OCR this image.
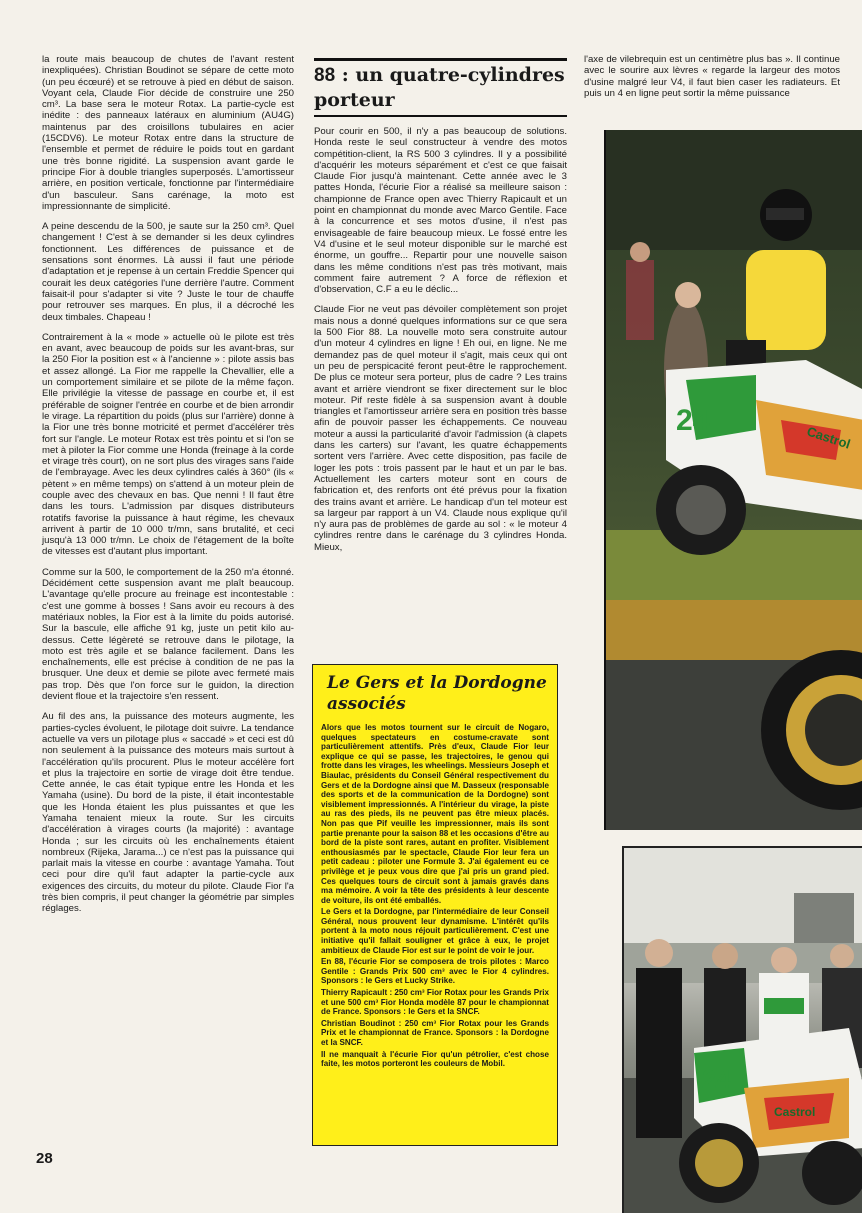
la route mais beaucoup de chutes de l'avant restent inexpliquées). Christian Boudinot se sépare de cette moto (un peu écœuré) et se retrouve à pied en début de saison. Voyant cela, Claude Fior décide de construire une 250 cm³. La base sera le moteur Rotax. La partie-cycle est inédite : des panneaux latéraux en aluminium (AU4G) maintenus par des croisillons tubulaires en acier (15CDV6). Le moteur Rotax entre dans la structure de l'ensemble et permet de réduire le poids tout en gardant une très bonne rigidité. La suspension avant garde le principe Fior à double triangles superposés. L'amortisseur arrière, en position verticale, fonctionne par l'intermédiaire d'un basculeur. Sans carénage, la moto est impressionnante de simplicité.

A peine descendu de la 500, je saute sur la 250 cm³. Quel changement ! C'est à se demander si les deux cylindres fonctionnent. Les différences de puissance et de sensations sont énormes. Là aussi il faut une période d'adaptation et je repense à un certain Freddie Spencer qui courait les deux catégories l'une derrière l'autre. Comment faisait-il pour s'adapter si vite ? Juste le tour de chauffe pour retrouver ses marques. En plus, il a décroché les deux timbales. Chapeau !

Contrairement à la « mode » actuelle où le pilote est très en avant, avec beaucoup de poids sur les avant-bras, sur la 250 Fior la position est « à l'ancienne » : pilote assis bas et assez allongé. La Fior me rappelle la Chevallier, elle a un comportement similaire et se pilote de la même façon. Elle privilégie la vitesse de passage en courbe et, il est préférable de soigner l'entrée en courbe et de bien arrondir le virage. La répartition du poids (plus sur l'arrière) donne à la Fior une très bonne motricité et permet d'accélérer très fort sur l'angle. Le moteur Rotax est très pointu et si l'on se met à piloter la Fior comme une Honda (freinage à la corde et virage très court), on ne sort plus des virages sans l'aide de l'embrayage. Avec les deux cylindres calés à 360° (ils « pètent » en même temps) on s'attend à un moteur plein de couple avec des chevaux en bas. Que nenni ! Il faut être dans les tours. L'admission par disques distributeurs rotatifs favorise la puissance à haut régime, les chevaux arrivent à partir de 10 000 tr/mn, sans brutalité, et ceci jusqu'à 13 000 tr/mn. Le choix de l'étagement de la boîte de vitesses est d'autant plus important.

Comme sur la 500, le comportement de la 250 m'a étonné. Décidément cette suspension avant me plaît beaucoup. L'avantage qu'elle procure au freinage est incontestable : c'est une gomme à bosses ! Sans avoir eu recours à des matériaux nobles, la Fior est à la limite du poids autorisé. Sur la bascule, elle affiche 91 kg, juste un petit kilo au-dessus. Cette légèreté se retrouve dans le pilotage, la moto est très agile et se balance facilement. Dans les enchaînements, elle est précise à condition de ne pas la brusquer. Une deux et demie se pilote avec fermeté mais pas trop. Dès que l'on force sur le guidon, la direction devient floue et la trajectoire s'en ressent.

Au fil des ans, la puissance des moteurs augmente, les parties-cycles évoluent, le pilotage doit suivre. La tendance actuelle va vers un pilotage plus « saccadé » et ceci est dû non seulement à la puissance des moteurs mais surtout à l'accélération qu'ils procurent. Plus le moteur accélère fort et plus la trajectoire en sortie de virage doit être tendue. Cette année, le cas était typique entre les Honda et les Yamaha (usine). Du bord de la piste, il était incontestable que les Honda étaient les plus puissantes et que les Yamaha tenaient mieux la route. Sur les circuits d'accélération à virages courts (la majorité) : avantage Honda ; sur les circuits où les enchaînements étaient nombreux (Rijeka, Jarama...) ce n'est pas la puissance qui parlait mais la vitesse en courbe : avantage Yamaha. Tout ceci pour dire qu'il faut adapter la partie-cycle aux exigences des circuits, du moteur du pilote. Claude Fior l'a très bien compris, il peut changer la géométrie par simples réglages.

88 : un quatre-cylindres porteur

Pour courir en 500, il n'y a pas beaucoup de solutions. Honda reste le seul constructeur à vendre des motos compétition-client, la RS 500 3 cylindres. Il y a possibilité d'acquérir les moteurs séparément et c'est ce que faisait Claude Fior jusqu'à maintenant. Cette année avec le 3 pattes Honda, l'écurie Fior a réalisé sa meilleure saison : championne de France open avec Thierry Rapicault et un point en championnat du monde avec Marco Gentile. Face à la concurrence et ses motos d'usine, il n'est pas envisageable de faire beaucoup mieux. Le fossé entre les V4 d'usine et le seul moteur disponible sur le marché est énorme, un gouffre... Repartir pour une nouvelle saison dans les même conditions n'est pas très motivant, mais comment faire autrement ? A force de réflexion et d'observation, C.F a eu le déclic...

Claude Fior ne veut pas dévoiler complètement son projet mais nous a donné quelques informations sur ce que sera la 500 Fior 88. La nouvelle moto sera construite autour d'un moteur 4 cylindres en ligne ! Eh oui, en ligne. Ne me demandez pas de quel moteur il s'agit, mais ceux qui ont un peu de perspicacité feront peut-être le rapprochement. De plus ce moteur sera porteur, plus de cadre ? Les trains avant et arrière viendront se fixer directement sur le bloc moteur. Pif reste fidèle à sa suspension avant à double triangles et l'amortisseur arrière sera en position très basse afin de pouvoir passer les échappements. Ce nouveau moteur a aussi la particularité d'avoir l'admission (à clapets dans les carters) sur l'avant, les quatre échappements sortent vers l'arrière. Avec cette disposition, pas facile de loger les pots : trois passent par le haut et un par le bas. Actuellement les carters moteur sont en cours de fabrication et, des renforts ont été prévus pour la fixation des trains avant et arrière. Le handicap d'un tel moteur est sa largeur par rapport à un V4. Claude nous explique qu'il n'y aura pas de problèmes de garde au sol : « le moteur 4 cylindres rentre dans le carénage du 3 cylindres Honda. Mieux,

Le Gers et la Dordogne associés

Alors que les motos tournent sur le circuit de Nogaro, quelques spectateurs en costume-cravate sont particulièrement attentifs. Près d'eux, Claude Fior leur explique ce qui se passe, les trajectoires, le genou qui frotte dans les virages, les wheelings. Messieurs Joseph et Biaulac, présidents du Conseil Général respectivement du Gers et de la Dordogne ainsi que M. Dasseux (responsable des sports et de la communication de la Dordogne) sont visiblement impressionnés. A l'intérieur du virage, la piste au ras des pieds, ils ne peuvent pas être mieux placés. Non pas que Pif veuille les impressionner, mais ils sont partie prenante pour la saison 88 et les occasions d'être au bord de la piste sont rares, autant en profiter. Visiblement enthousiasmés par le spectacle, Claude Fior leur fera un petit cadeau : piloter une Formule 3. J'ai également eu ce privilège et je peux vous dire que j'ai pris un grand pied. Ces quelques tours de circuit sont à jamais gravés dans ma mémoire. A voir la tête des présidents à leur descente de voiture, ils ont été emballés.

Le Gers et la Dordogne, par l'intermédiaire de leur Conseil Général, nous prouvent leur dynamisme. L'intérêt qu'ils portent à la moto nous réjouit particulièrement. C'est une initiative qu'il fallait souligner et grâce à eux, le projet ambitieux de Claude Fior est sur le point de voir le jour.

En 88, l'écurie Fior se composera de trois pilotes : Marco Gentile : Grands Prix 500 cm³ avec le Fior 4 cylindres. Sponsors : le Gers et Lucky Strike.

Thierry Rapicault : 250 cm³ Fior Rotax pour les Grands Prix et une 500 cm³ Fior Honda modèle 87 pour le championnat de France. Sponsors : le Gers et la SNCF.

Christian Boudinot : 250 cm³ Fior Rotax pour les Grands Prix et le championnat de France. Sponsors : la Dordogne et la SNCF.

Il ne manquait à l'écurie Fior qu'un pétrolier, c'est chose faite, les motos porteront les couleurs de Mobil.

l'axe de vilebrequin est un centimètre plus bas ». Il continue avec le sourire aux lèvres « regarde la largeur des motos d'usine malgré leur V4, il faut bien caser les radiateurs. Et puis un 4 en ligne peut sortir la même puissance

Castrol
24
Castrol
24
28
